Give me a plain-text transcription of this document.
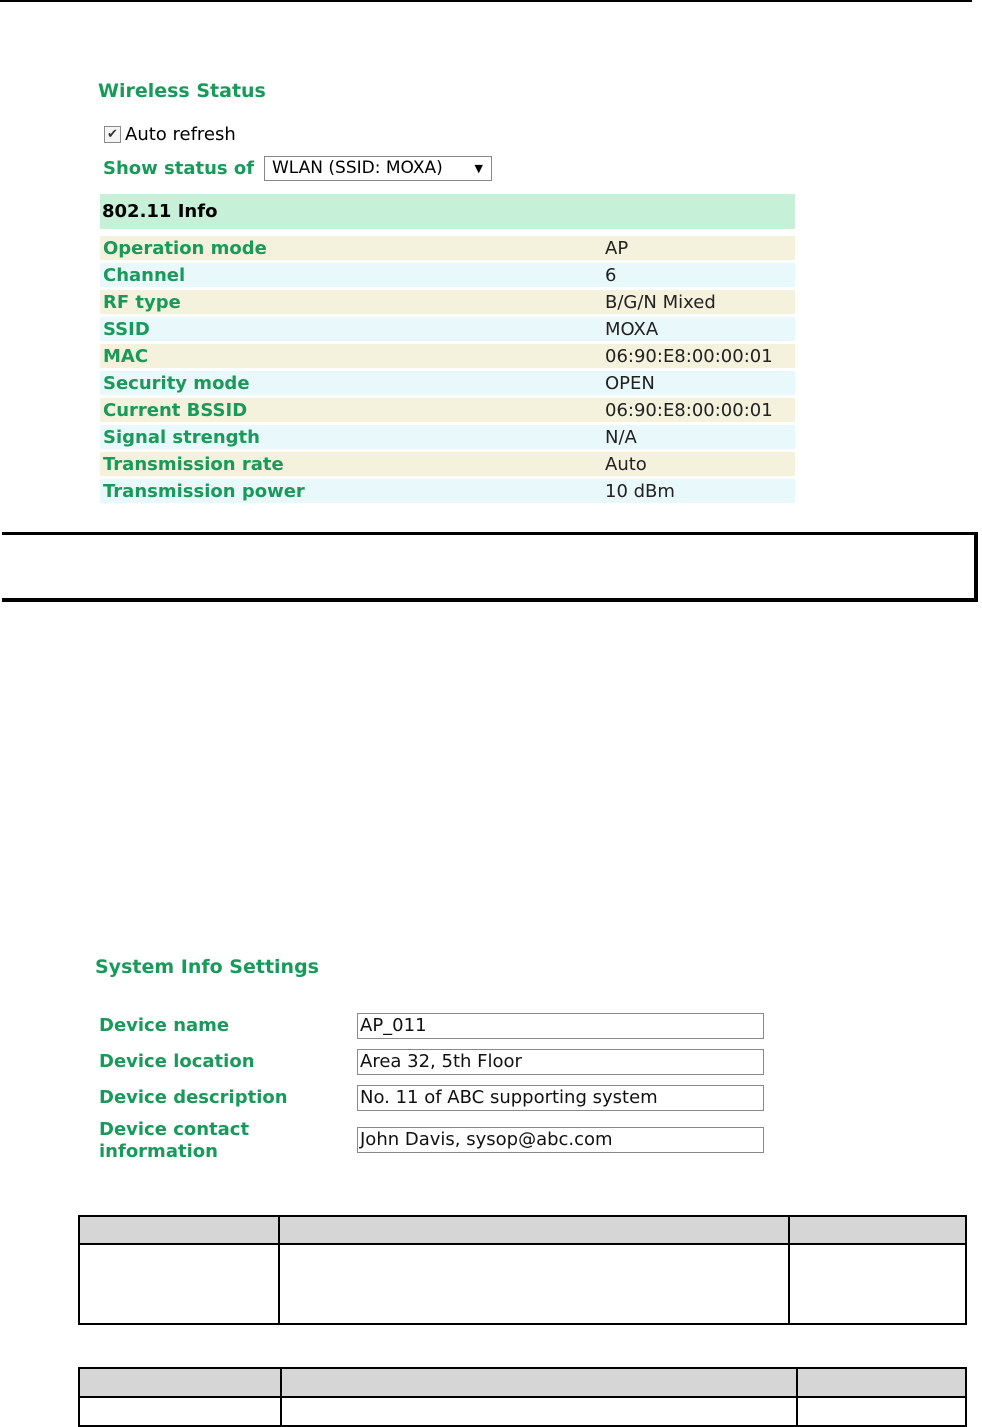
Wireless Status
✔ Auto refresh
Show status of	WLAN (SSID: MOXA)	▼
802.11 Info
Operation mode	AP
Channel	6
RF type	B/G/N Mixed
SSID	MOXA
MAC	06:90:E8:00:00:01
Security mode	OPEN
Current BSSID	06:90:E8:00:00:01
Signal strength	N/A
Transmission rate	Auto
Transmission power	10 dBm
System Info Settings
Device name	AP_011
Device location	Area 32, 5th Floor
Device description	No. 11 of ABC supporting system
Device contact information
John Davis, sysop@abc.com
